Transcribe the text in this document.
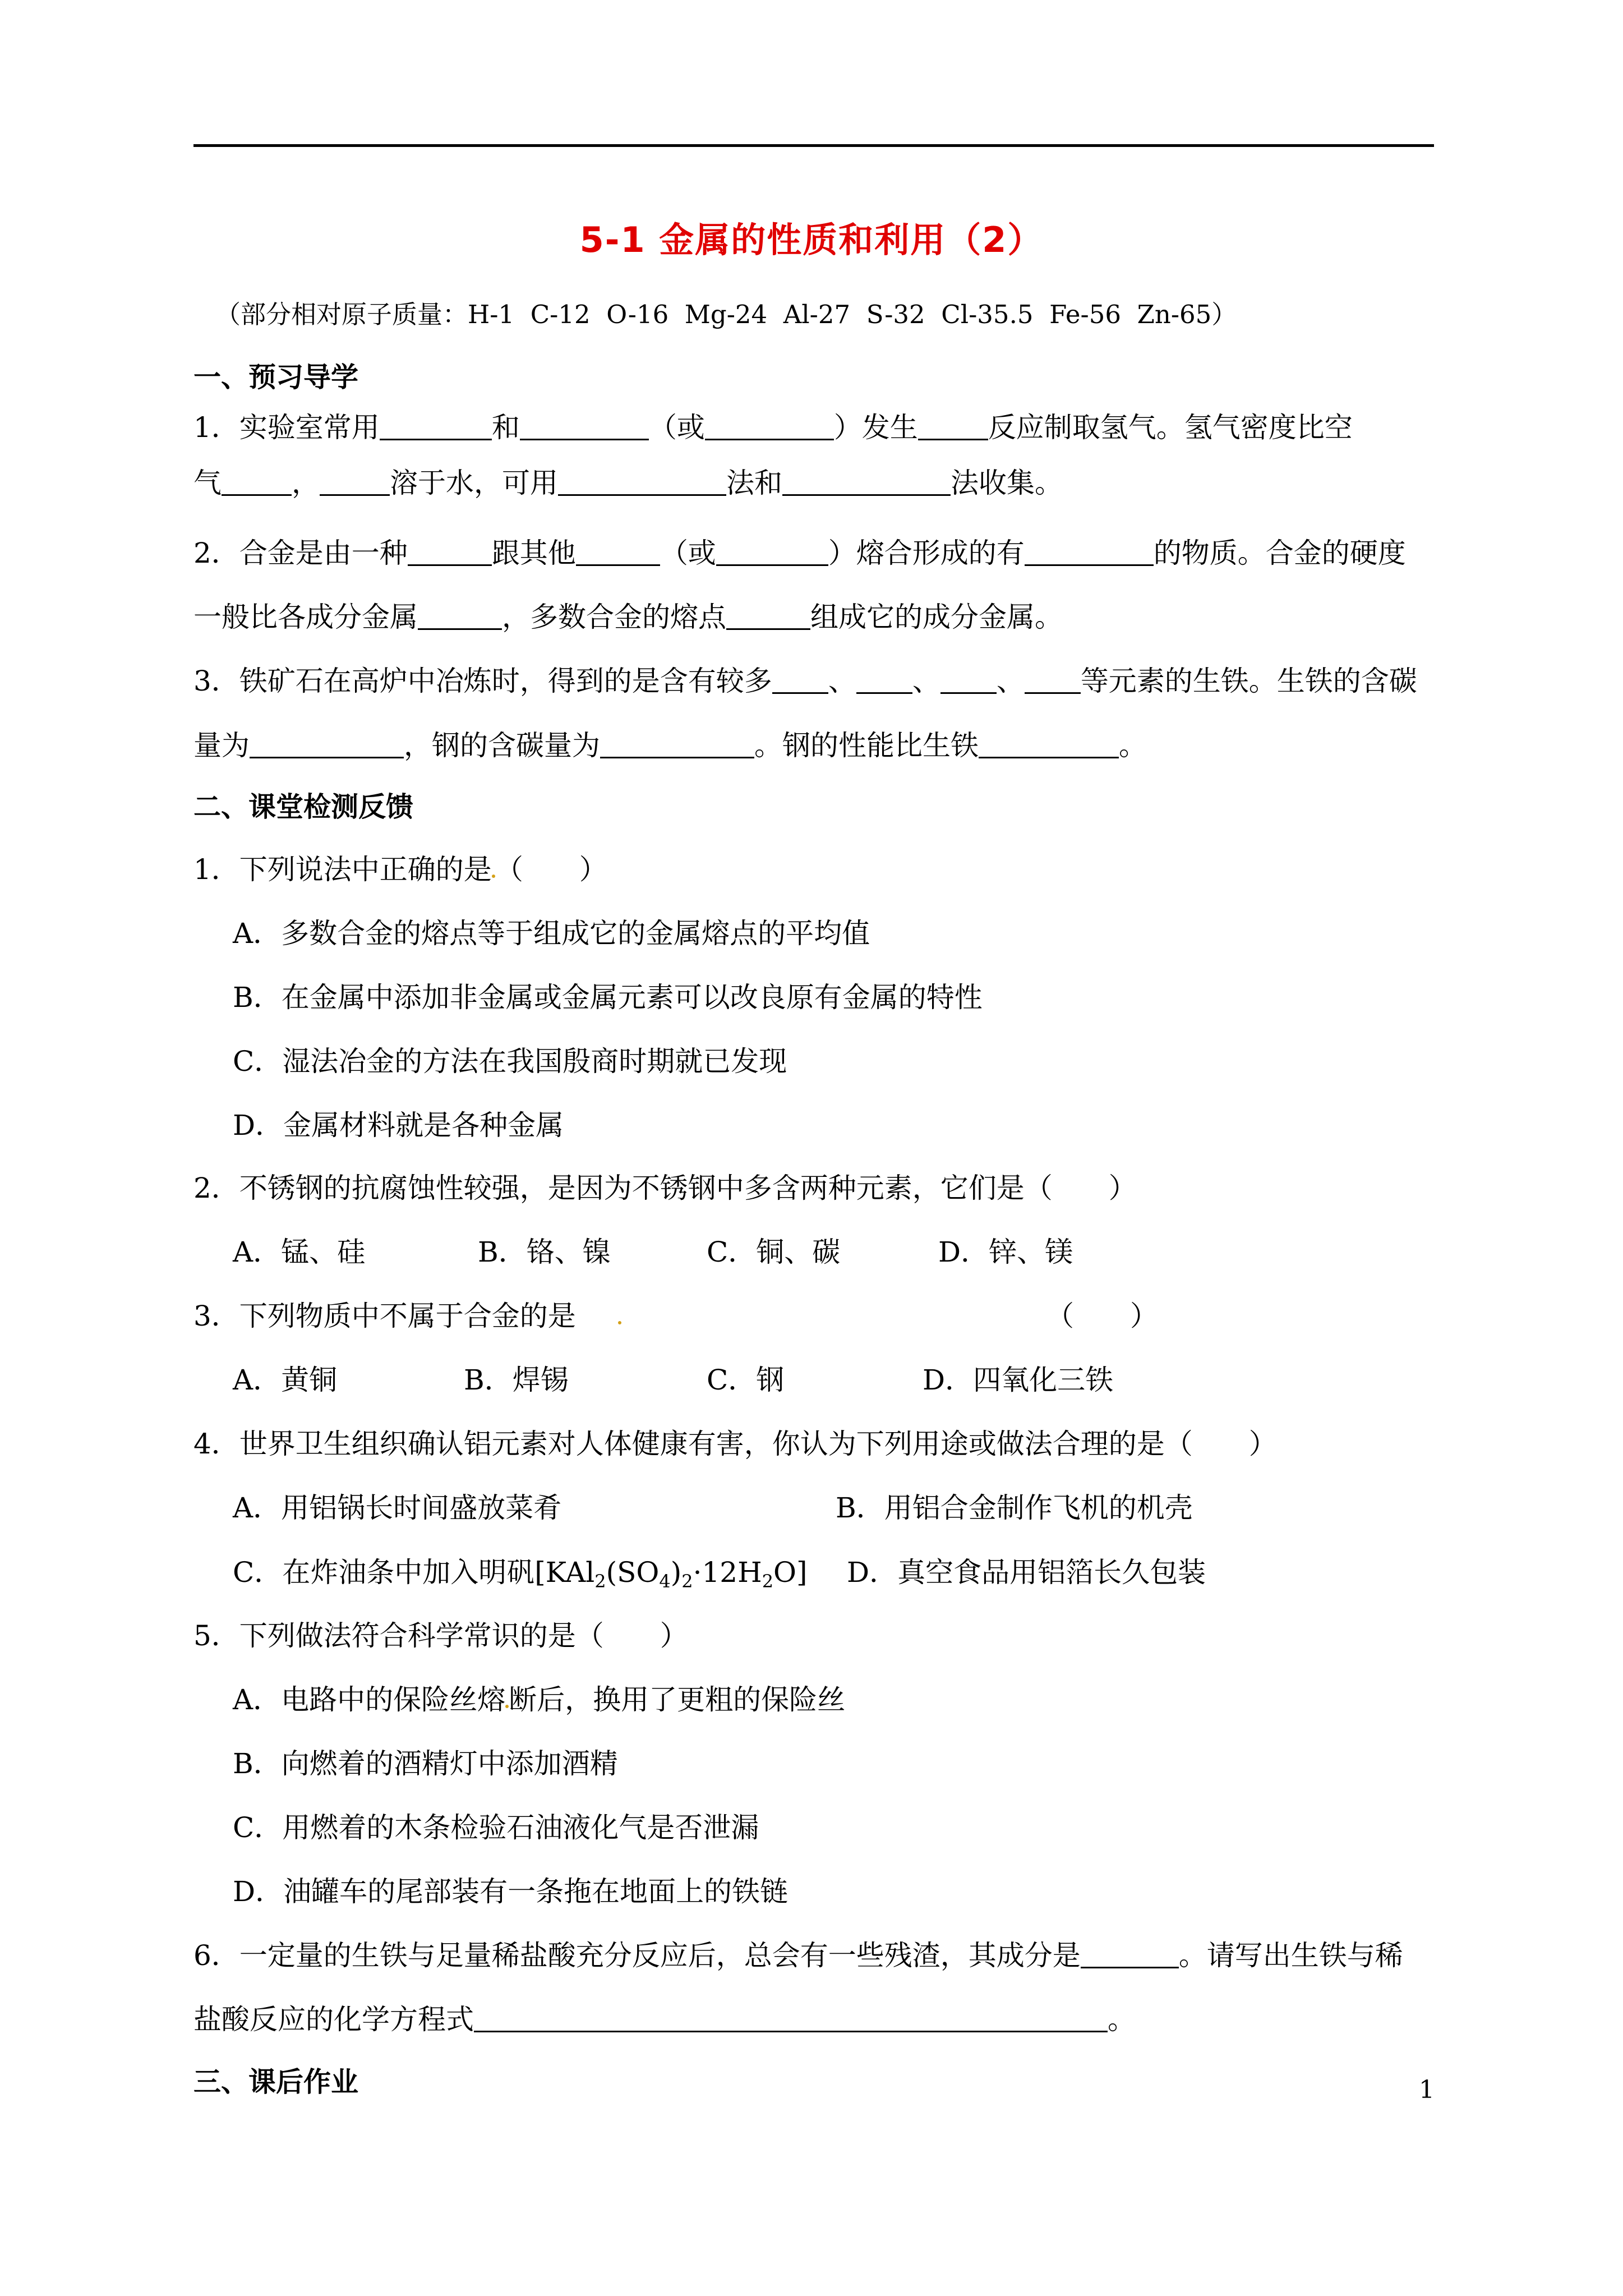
5-1 金属的性质和利用（2）
（部分相对原子质量：H-1  C-12  O-16  Mg-24  Al-27  S-32  Cl-35.5  Fe-56  Zn-65）
一、预习导学
1．实验室常用	和	（或	）发生	反应制取氢气。氢气密度比空
气	，	溶于水，可用	法和	法收集。
2．合金是由一种	跟其他	（或	）熔合形成的有	的物质。合金的硬度
一般比各成分金属	，多数合金的熔点	组成它的成分金属。
3．铁矿石在高炉中冶炼时，得到的是含有较多 、 、 、 等元素的生铁。生铁的含碳
量为	，钢的含碳量为	。钢的性能比生铁	。
二、课堂检测反馈
1．下列说法中正确的是 （　　）
A．多数合金的熔点等于组成它的金属熔点的平均值
B．在金属中添加非金属或金属元素可以改良原有金属的特性
C．湿法冶金的方法在我国殷商时期就已发现
D．金属材料就是各种金属
2．不锈钢的抗腐蚀性较强，是因为不锈钢中多含两种元素，它们是（　　）
A．锰、硅	B．铬、镍	C．铜、碳	D．锌、镁
3．下列物质中不属于合金的是	（　　）
A．黄铜	B．焊锡	C．钢	D．四氧化三铁
4．世界卫生组织确认铝元素对人体健康有害，你认为下列用途或做法合理的是（　　）
A．用铝锅长时间盛放菜肴	B．用铝合金制作飞机的机壳
C．在炸油条中加入明矾$[KAl_2(SO_4)_2\cdot 12H_2O]$ D．真空食品用铝箔长久包装
5．下列做法符合科学常识的是（　　）
A．电路中的保险丝熔 断后，换用了更粗的保险丝
B．向燃着的酒精灯中添加酒精
C．用燃着的木条检验石油液化气是否泄漏
D．油罐车的尾部装有一条拖在地面上的铁链
6．一定量的生铁与足量稀盐酸充分反应后，总会有一些残渣，其成分是	。请写出生铁与稀
盐酸反应的化学方程式	。
三、课后作业	1
